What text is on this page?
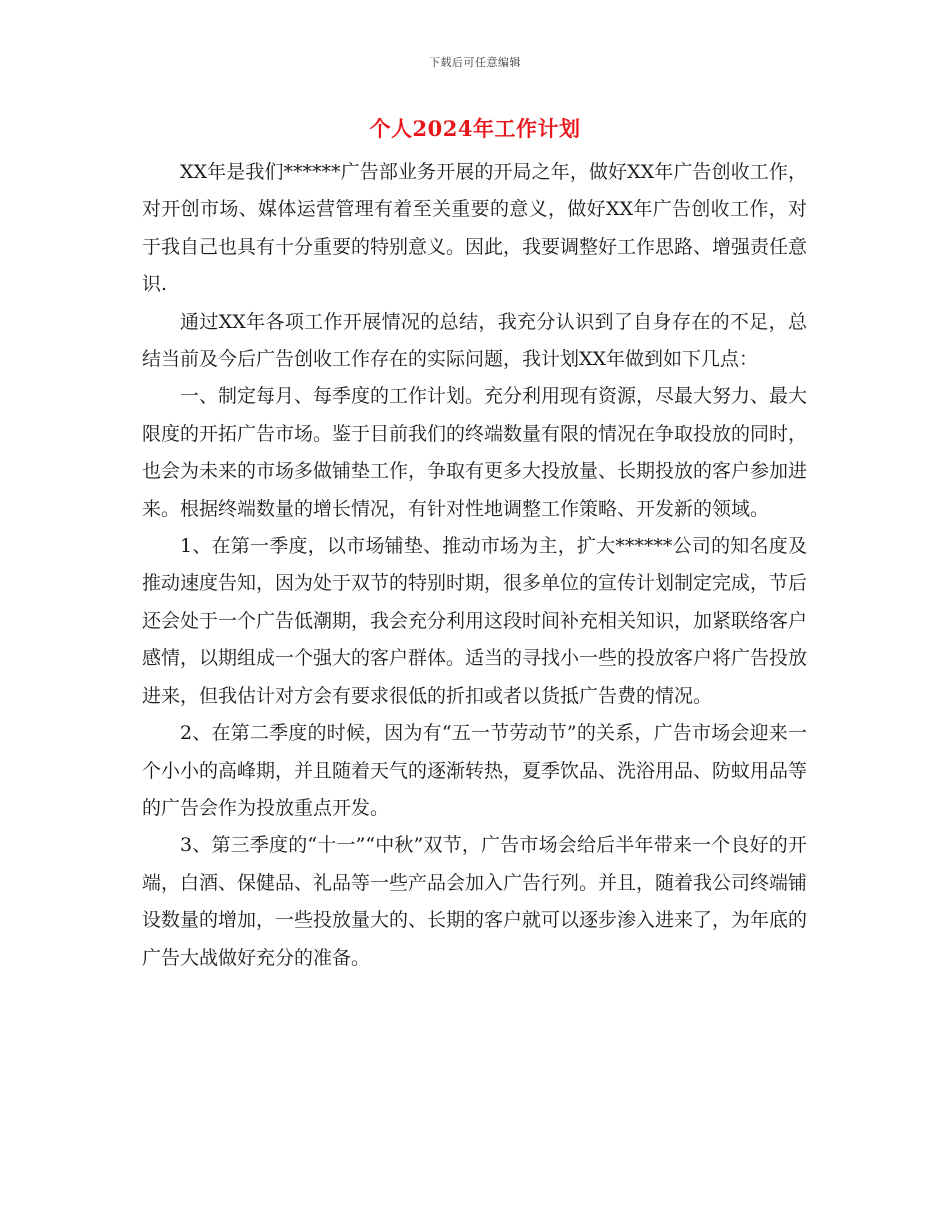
下载后可任意编辑
个人2024年工作计划

XX年是我们******广告部业务开展的开局之年，做好XX年广告创收工作，对开创市场、媒体运营管理有着至关重要的意义，做好XX年广告创收工作，对于我自己也具有十分重要的特别意义。因此，我要调整好工作思路、增强责任意识.

通过XX年各项工作开展情况的总结，我充分认识到了自身存在的不足，总结当前及今后广告创收工作存在的实际问题，我计划XX年做到如下几点：

一、制定每月、每季度的工作计划。充分利用现有资源，尽最大努力、最大限度的开拓广告市场。鉴于目前我们的终端数量有限的情况在争取投放的同时，也会为未来的市场多做铺垫工作，争取有更多大投放量、长期投放的客户参加进来。根据终端数量的增长情况，有针对性地调整工作策略、开发新的领域。

1、在第一季度，以市场铺垫、推动市场为主，扩大******公司的知名度及推动速度告知，因为处于双节的特别时期，很多单位的宣传计划制定完成，节后还会处于一个广告低潮期，我会充分利用这段时间补充相关知识，加紧联络客户感情，以期组成一个强大的客户群体。适当的寻找小一些的投放客户将广告投放进来，但我估计对方会有要求很低的折扣或者以货抵广告费的情况。

2、在第二季度的时候，因为有“五一节劳动节”的关系，广告市场会迎来一个小小的高峰期，并且随着天气的逐渐转热，夏季饮品、洗浴用品、防蚊用品等的广告会作为投放重点开发。

3、第三季度的“十一”“中秋”双节，广告市场会给后半年带来一个良好的开端，白酒、保健品、礼品等一些产品会加入广告行列。并且，随着我公司终端铺设数量的增加，一些投放量大的、长期的客户就可以逐步渗入进来了，为年底的广告大战做好充分的准备。
